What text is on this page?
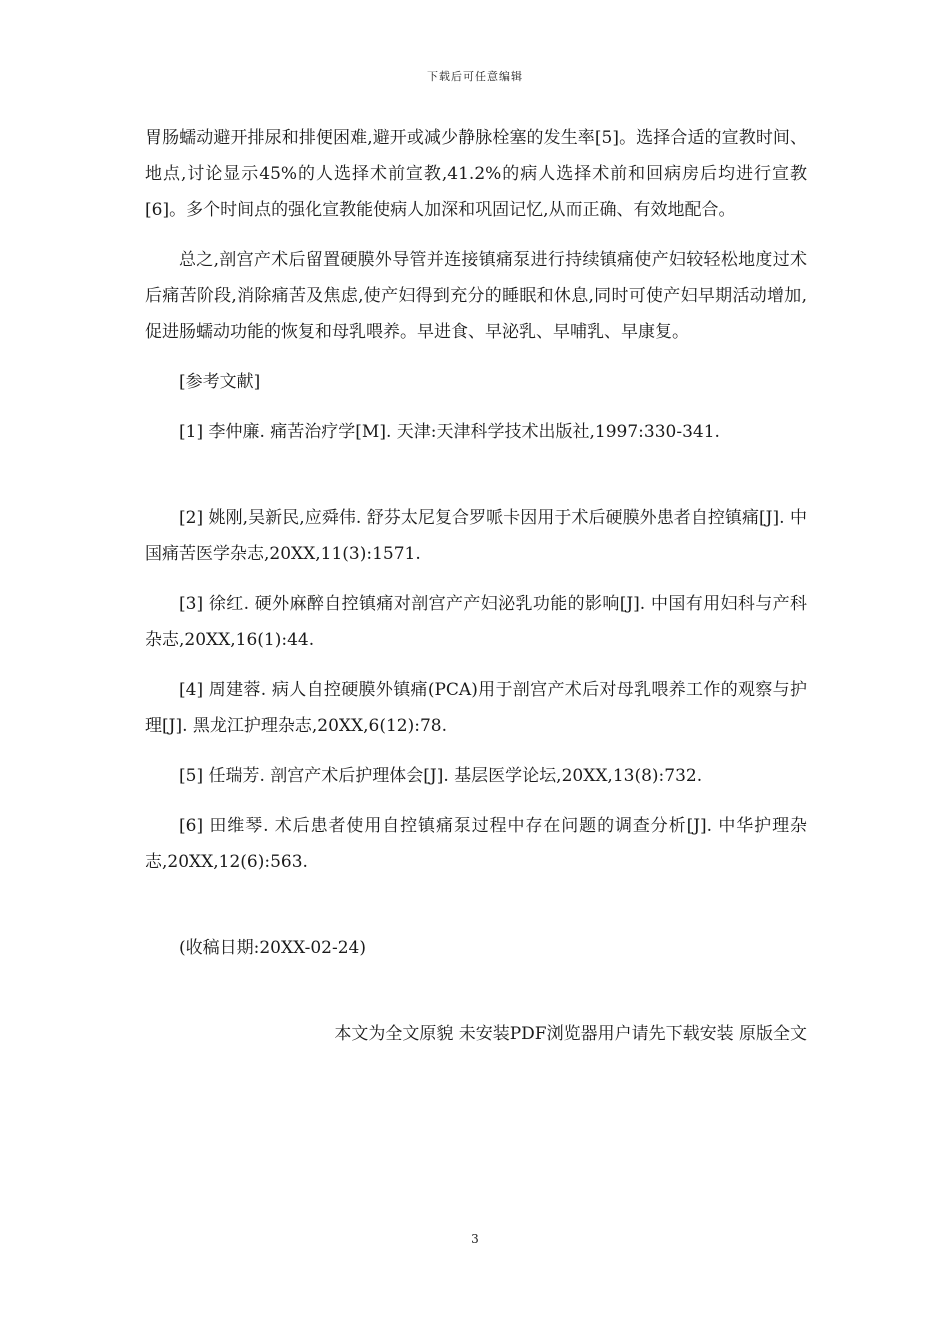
下载后可任意编辑

胃肠蠕动避开排尿和排便困难,避开或减少静脉栓塞的发生率[5]。选择合适的宣教时间、地点,讨论显示45%的人选择术前宣教,41.2%的病人选择术前和回病房后均进行宣教[6]。多个时间点的强化宣教能使病人加深和巩固记忆,从而正确、有效地配合。

总之,剖宫产术后留置硬膜外导管并连接镇痛泵进行持续镇痛使产妇较轻松地度过术后痛苦阶段,消除痛苦及焦虑,使产妇得到充分的睡眠和休息,同时可使产妇早期活动增加,促进肠蠕动功能的恢复和母乳喂养。早进食、早泌乳、早哺乳、早康复。

[参考文献]

[1] 李仲廉. 痛苦治疗学[M]. 天津:天津科学技术出版社,1997:330-341.

[2] 姚刚,吴新民,应舜伟. 舒芬太尼复合罗哌卡因用于术后硬膜外患者自控镇痛[J]. 中国痛苦医学杂志,20XX,11(3):1571.

[3] 徐红. 硬外麻醉自控镇痛对剖宫产产妇泌乳功能的影响[J]. 中国有用妇科与产科杂志,20XX,16(1):44.

[4] 周建蓉. 病人自控硬膜外镇痛(PCA)用于剖宫产术后对母乳喂养工作的观察与护理[J]. 黑龙江护理杂志,20XX,6(12):78.

[5] 任瑞芳. 剖宫产术后护理体会[J]. 基层医学论坛,20XX,13(8):732.

[6] 田维琴. 术后患者使用自控镇痛泵过程中存在问题的调查分析[J]. 中华护理杂志,20XX,12(6):563.

(收稿日期:20XX-02-24)

本文为全文原貌 未安装PDF浏览器用户请先下载安装 原版全文

3
